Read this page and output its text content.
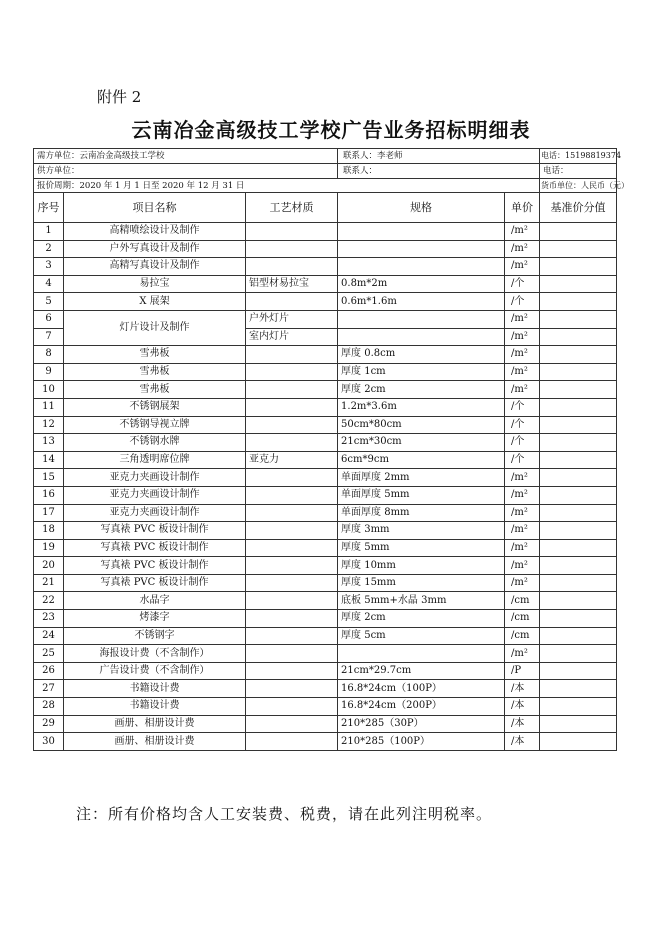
附件 2
云南冶金高级技工学校广告业务招标明细表
需方单位：云南冶金高级技工学校			联系人：李老师		电话：15198819374
供方单位：			联系人：		电话：
报价周期：2020 年 1 月 1 日至 2020 年 12 月 31 日					货币单位：人民币（元）
序号	项目名称	工艺材质	规格	单价	基准价分值
1	高精喷绘设计及制作			/m²	
2	户外写真设计及制作			/m²	
3	高精写真设计及制作			/m²	
4	易拉宝	铝型材易拉宝	0.8m*2m	/个	
5	X 展架		0.6m*1.6m	/个	
6	灯片设计及制作	户外灯片		/m²	
7		室内灯片		/m²	
8	雪弗板		厚度 0.8cm	/m²	
9	雪弗板		厚度 1cm	/m²	
10	雪弗板		厚度 2cm	/m²	
11	不锈钢展架		1.2m*3.6m	/个	
12	不锈钢导视立牌		50cm*80cm	/个	
13	不锈钢水牌		21cm*30cm	/个	
14	三角透明席位牌	亚克力	6cm*9cm	/个	
15	亚克力夹画设计制作		单面厚度 2mm	/m²	
16	亚克力夹画设计制作		单面厚度 5mm	/m²	
17	亚克力夹画设计制作		单面厚度 8mm	/m²	
18	写真裱 PVC 板设计制作		厚度 3mm	/m²	
19	写真裱 PVC 板设计制作		厚度 5mm	/m²	
20	写真裱 PVC 板设计制作		厚度 10mm	/m²	
21	写真裱 PVC 板设计制作		厚度 15mm	/m²	
22	水晶字		底板 5mm+水晶 3mm	/cm	
23	烤漆字		厚度 2cm	/cm	
24	不锈钢字		厚度 5cm	/cm	
25	海报设计费（不含制作）			/m²	
26	广告设计费（不含制作）		21cm*29.7cm	/P	
27	书籍设计费		16.8*24cm（100P）	/本	
28	书籍设计费		16.8*24cm（200P）	/本	
29	画册、相册设计费		210*285（30P）	/本	
30	画册、相册设计费		210*285（100P）	/本	
注：所有价格均含人工安装费、税费，请在此列注明税率。
